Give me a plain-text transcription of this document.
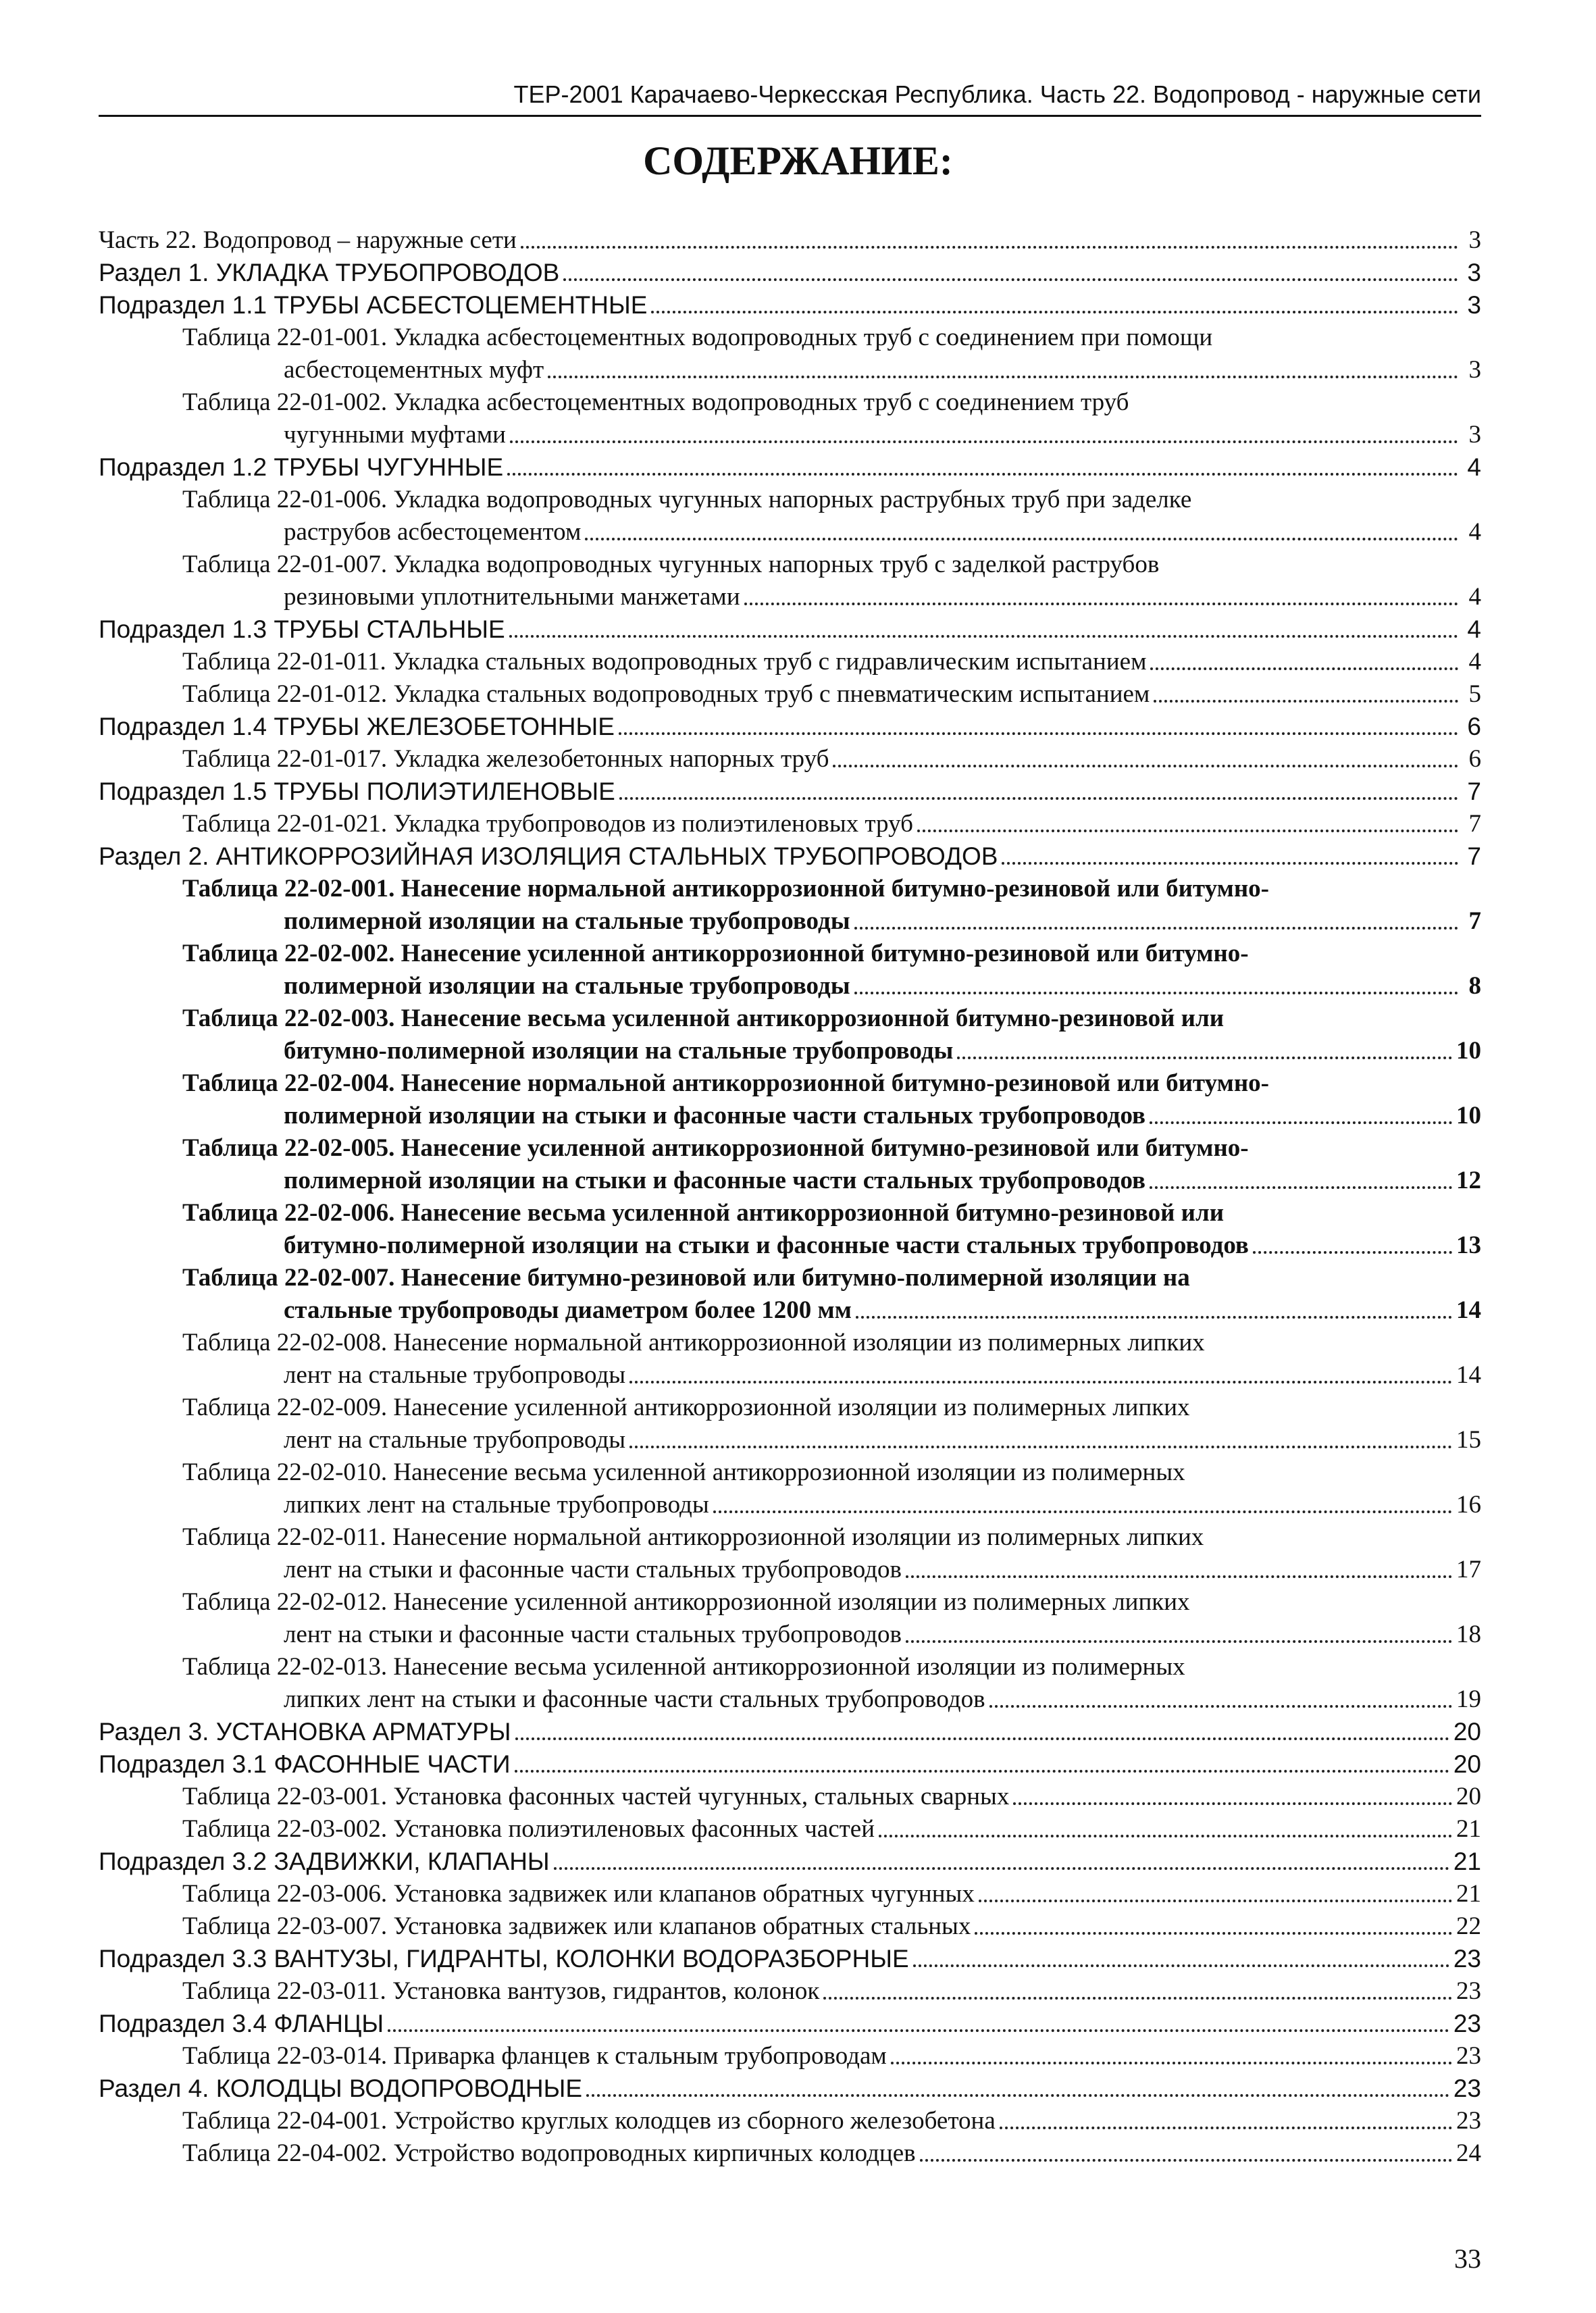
ТЕР-2001 Карачаево-Черкесская Республика. Часть 22. Водопровод - наружные сети
СОДЕРЖАНИЕ:
Часть 22. Водопровод – наружные сети	3
Раздел 1. УКЛАДКА ТРУБОПРОВОДОВ	3
Подраздел 1.1 ТРУБЫ АСБЕСТОЦЕМЕНТНЫЕ	3
Таблица 22-01-001. Укладка асбестоцементных водопроводных труб с соединением при помощи
асбестоцементных муфт	3
Таблица 22-01-002. Укладка асбестоцементных водопроводных труб с соединением труб
чугунными муфтами	3
Подраздел 1.2 ТРУБЫ ЧУГУННЫЕ	4
Таблица 22-01-006. Укладка водопроводных чугунных напорных раструбных труб при заделке
раструбов асбестоцементом	4
Таблица 22-01-007. Укладка водопроводных чугунных напорных труб с заделкой раструбов
резиновыми уплотнительными манжетами	4
Подраздел 1.3 ТРУБЫ СТАЛЬНЫЕ	4
Таблица 22-01-011. Укладка стальных водопроводных труб с гидравлическим испытанием	4
Таблица 22-01-012. Укладка стальных водопроводных труб с пневматическим испытанием	5
Подраздел 1.4 ТРУБЫ ЖЕЛЕЗОБЕТОННЫЕ	6
Таблица 22-01-017. Укладка железобетонных напорных труб	6
Подраздел 1.5 ТРУБЫ ПОЛИЭТИЛЕНОВЫЕ	7
Таблица 22-01-021. Укладка трубопроводов из полиэтиленовых труб	7
Раздел 2. АНТИКОРРОЗИЙНАЯ ИЗОЛЯЦИЯ СТАЛЬНЫХ ТРУБОПРОВОДОВ	7
Таблица 22-02-001. Нанесение нормальной антикоррозионной битумно-резиновой или битумно-
полимерной изоляции на стальные трубопроводы	7
Таблица 22-02-002. Нанесение усиленной антикоррозионной битумно-резиновой или битумно-
полимерной изоляции на стальные трубопроводы	8
Таблица 22-02-003. Нанесение весьма усиленной антикоррозионной битумно-резиновой или
битумно-полимерной изоляции на стальные трубопроводы	10
Таблица 22-02-004. Нанесение нормальной антикоррозионной битумно-резиновой или битумно-
полимерной изоляции на стыки и фасонные части стальных трубопроводов	10
Таблица 22-02-005. Нанесение усиленной антикоррозионной битумно-резиновой или битумно-
полимерной изоляции на стыки и фасонные части стальных трубопроводов	12
Таблица 22-02-006. Нанесение весьма усиленной антикоррозионной битумно-резиновой или
битумно-полимерной изоляции на стыки и фасонные части стальных трубопроводов	13
Таблица 22-02-007. Нанесение битумно-резиновой или битумно-полимерной изоляции на
стальные трубопроводы диаметром более 1200 мм	14
Таблица 22-02-008. Нанесение нормальной антикоррозионной изоляции из полимерных липких
лент на стальные трубопроводы	14
Таблица 22-02-009. Нанесение усиленной антикоррозионной изоляции из полимерных липких
лент на стальные трубопроводы	15
Таблица 22-02-010. Нанесение весьма усиленной антикоррозионной изоляции из полимерных
липких лент на стальные трубопроводы	16
Таблица 22-02-011. Нанесение нормальной антикоррозионной изоляции из полимерных липких
лент на стыки и фасонные части стальных трубопроводов	17
Таблица 22-02-012. Нанесение усиленной антикоррозионной изоляции из полимерных липких
лент на стыки и фасонные части стальных трубопроводов	18
Таблица 22-02-013. Нанесение весьма усиленной антикоррозионной изоляции из полимерных
липких лент на стыки и фасонные части стальных трубопроводов	19
Раздел 3. УСТАНОВКА АРМАТУРЫ	20
Подраздел 3.1 ФАСОННЫЕ ЧАСТИ	20
Таблица 22-03-001. Установка фасонных частей чугунных, стальных сварных	20
Таблица 22-03-002. Установка полиэтиленовых фасонных частей	21
Подраздел 3.2 ЗАДВИЖКИ, КЛАПАНЫ	21
Таблица 22-03-006. Установка задвижек или клапанов обратных чугунных	21
Таблица 22-03-007. Установка задвижек или клапанов обратных стальных	22
Подраздел 3.3 ВАНТУЗЫ, ГИДРАНТЫ, КОЛОНКИ ВОДОРАЗБОРНЫЕ	23
Таблица 22-03-011. Установка вантузов, гидрантов, колонок	23
Подраздел 3.4 ФЛАНЦЫ	23
Таблица 22-03-014. Приварка фланцев к стальным трубопроводам	23
Раздел 4. КОЛОДЦЫ ВОДОПРОВОДНЫЕ	23
Таблица 22-04-001. Устройство круглых колодцев из сборного железобетона	23
Таблица 22-04-002. Устройство водопроводных кирпичных колодцев	24
33
